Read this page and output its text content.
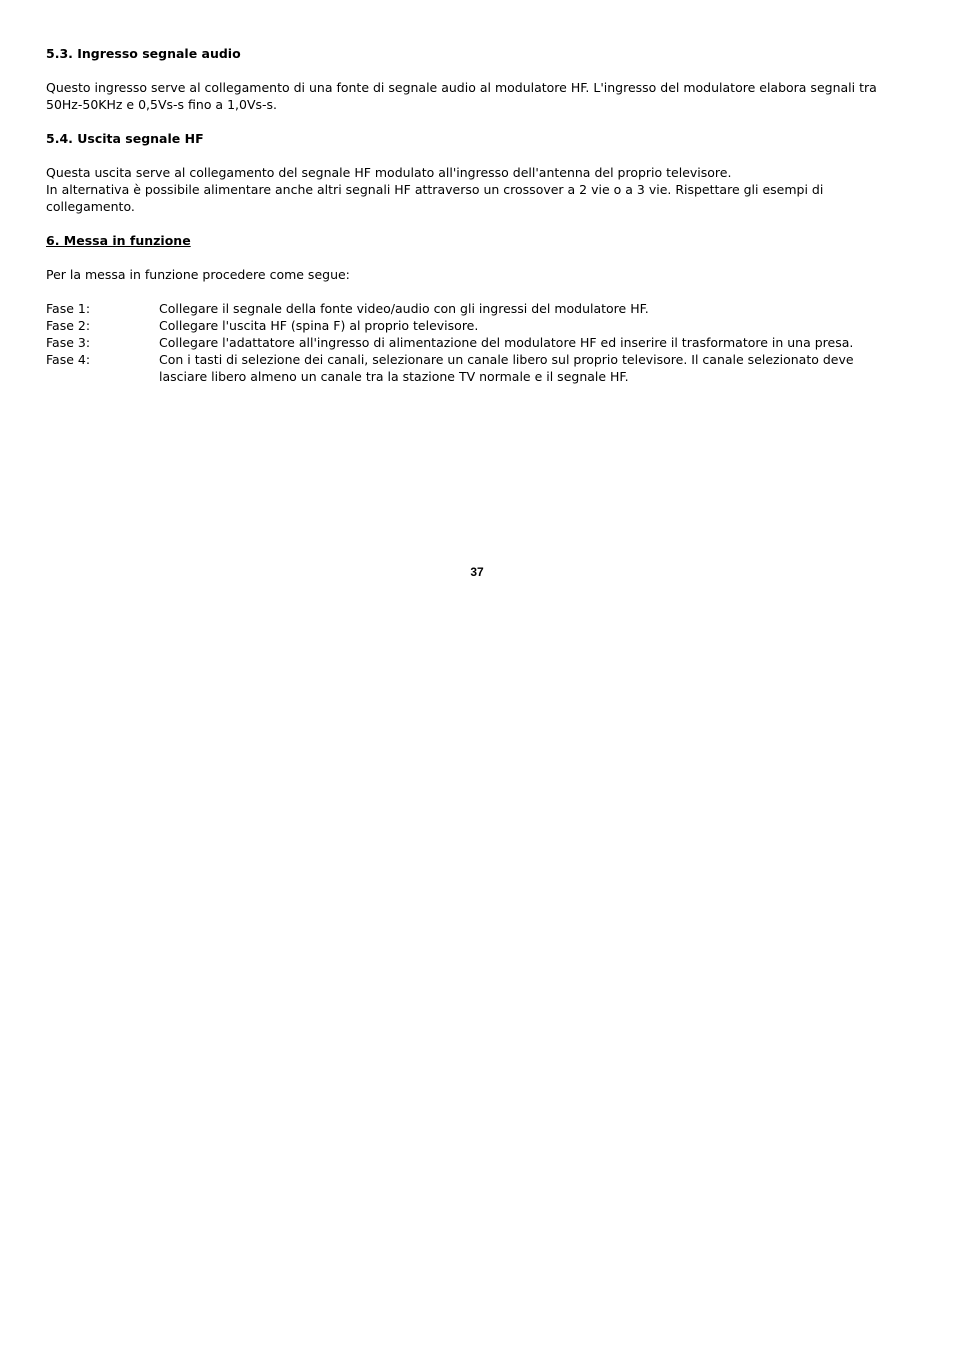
5.3. Ingresso segnale audio

Questo ingresso serve al collegamento di una fonte di segnale audio al modulatore HF. L'ingresso del modulatore elabora segnali tra

50Hz-50KHz e 0,5Vs-s fino a 1,0Vs-s.

5.4. Uscita segnale HF

Questa uscita serve al collegamento del segnale HF modulato all'ingresso dell'antenna del proprio televisore.

In alternativa è possibile alimentare anche altri segnali HF attraverso un crossover a 2 vie o a 3 vie. Rispettare gli esempi di collegamento.

6. Messa in funzione

Per la messa in funzione procedere come segue:

Fase 1:	Collegare il segnale della fonte video/audio con gli ingressi del modulatore HF.
Fase 2:	Collegare l'uscita HF (spina F) al proprio televisore.
Fase 3:	Collegare l'adattatore all'ingresso di alimentazione del modulatore HF ed inserire il trasformatore in una presa.
Fase 4:	Con i tasti di selezione dei canali, selezionare un canale libero sul proprio televisore. Il canale selezionato deve
lasciare libero almeno un canale tra la stazione TV normale e il segnale HF.
37
